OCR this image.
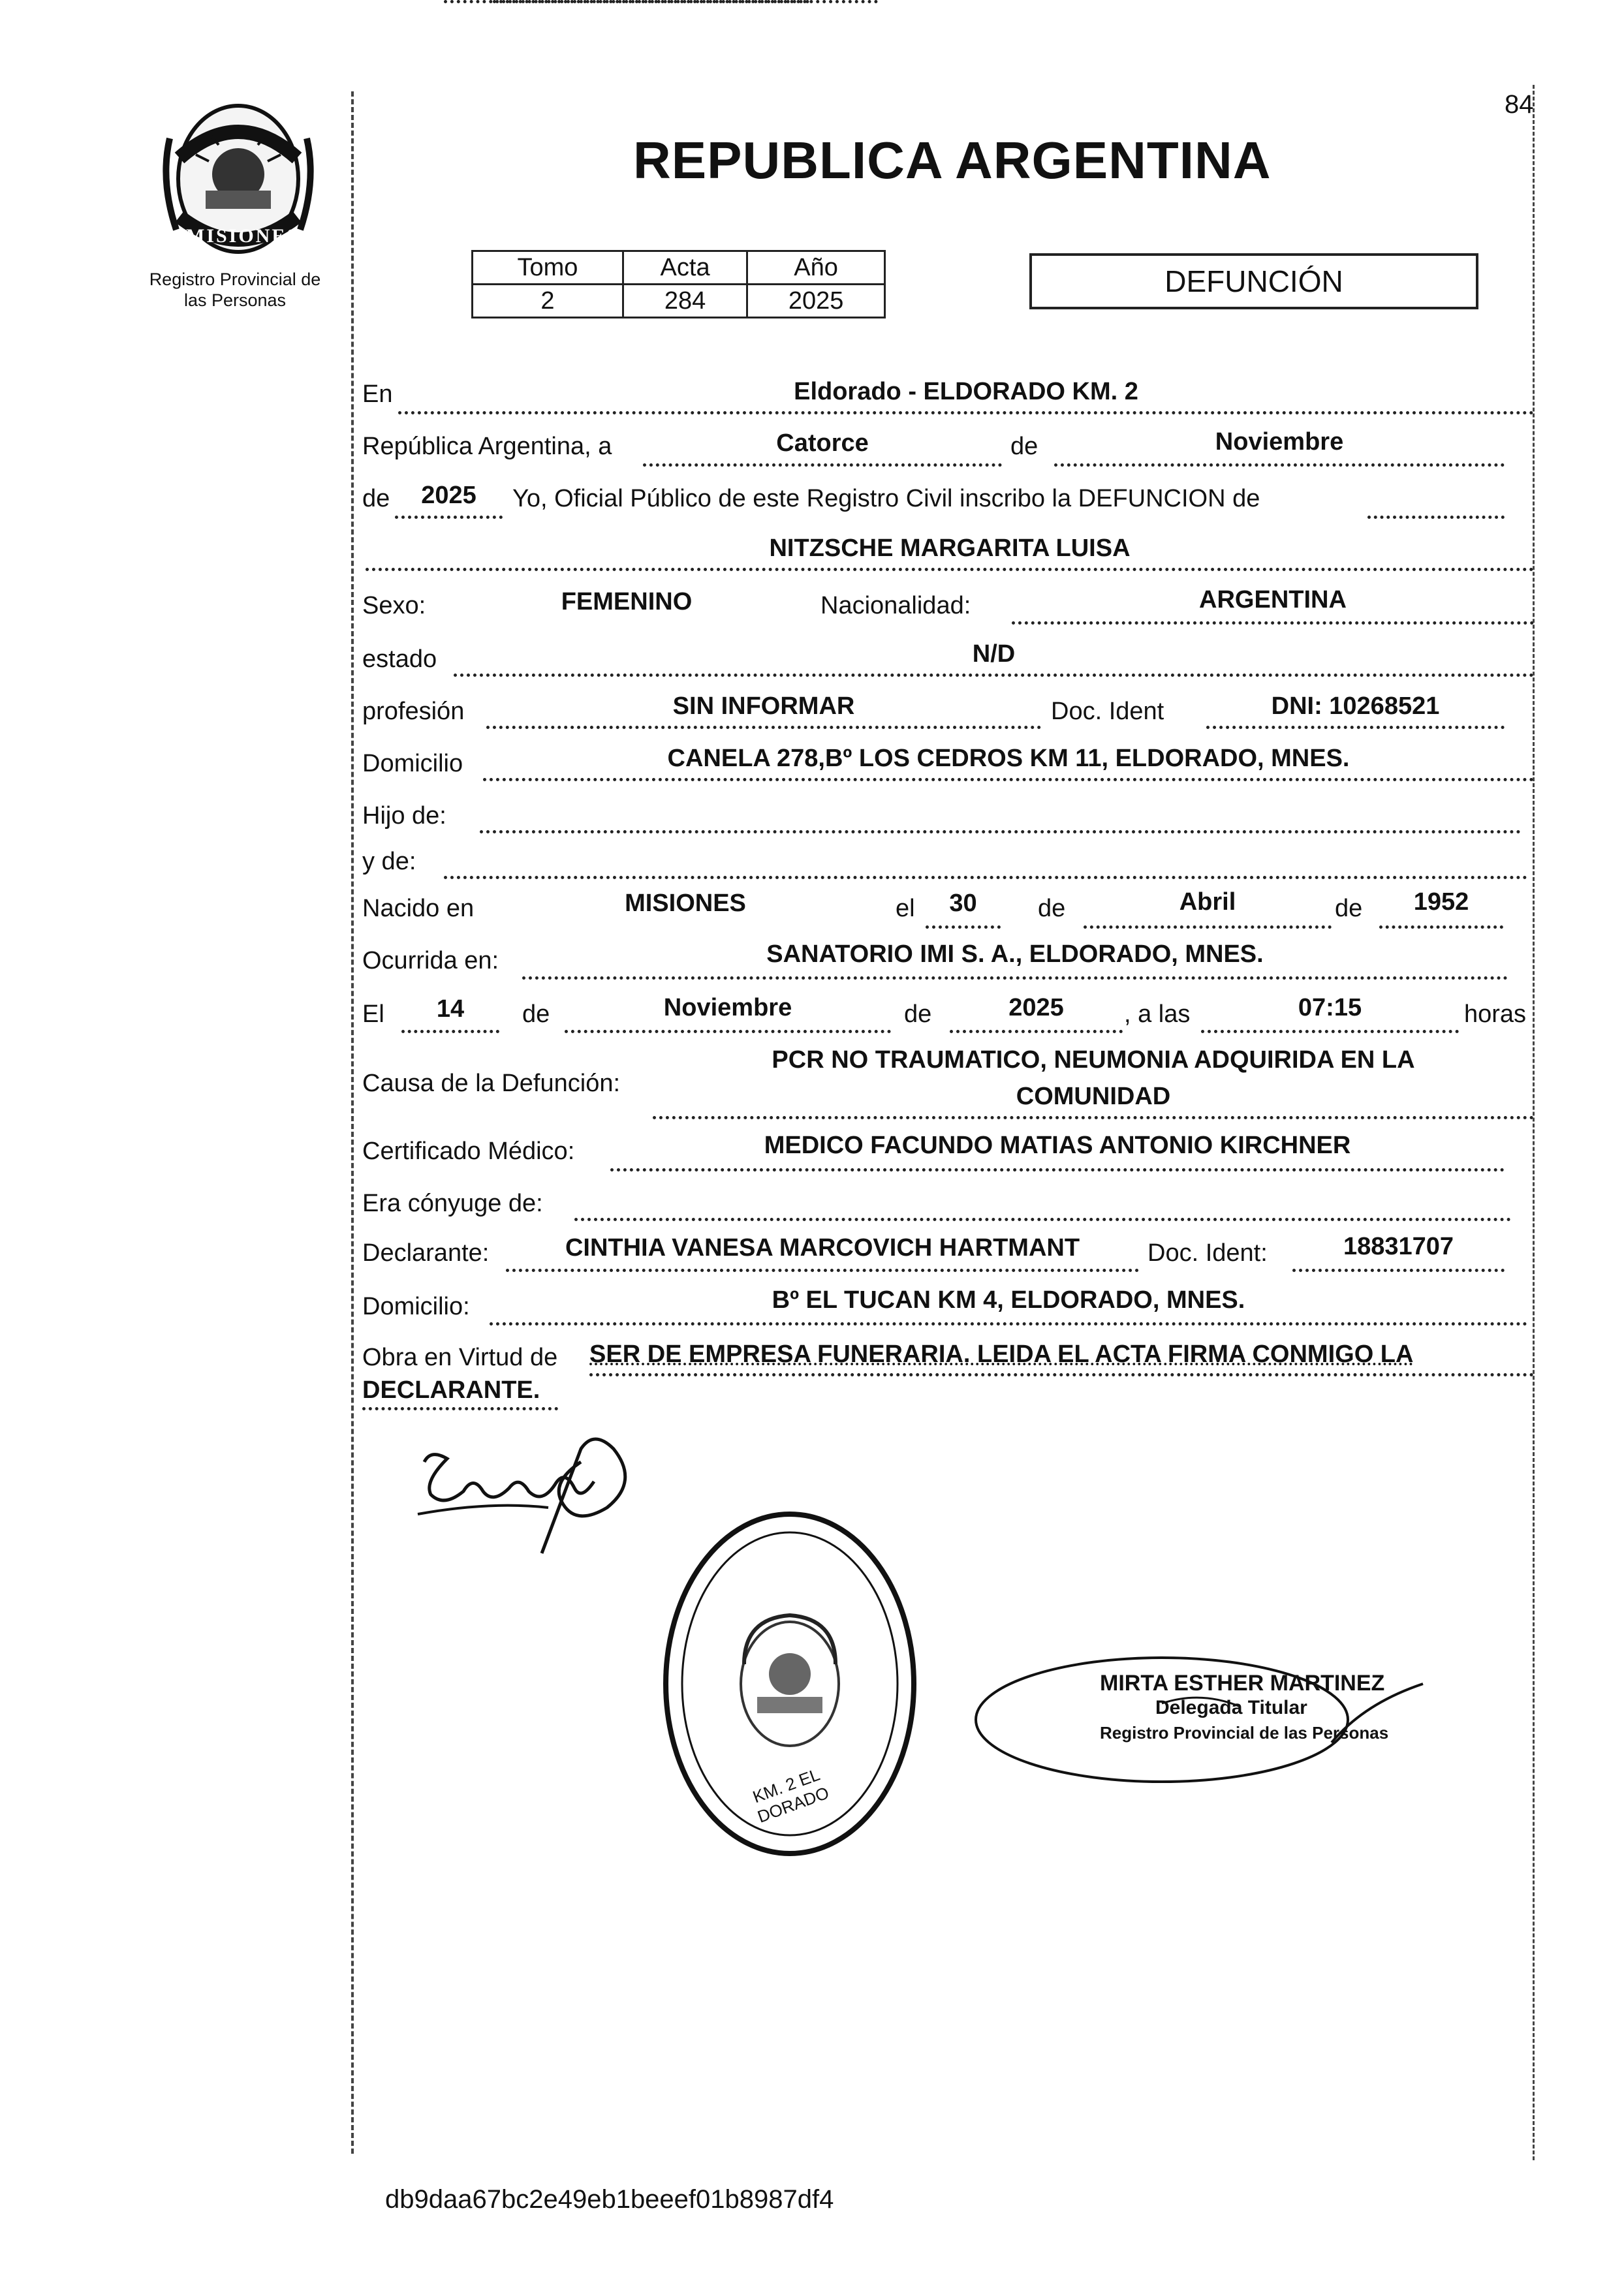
84
MISIONES
Registro Provincial de
las Personas
REPUBLICA ARGENTINA
Tomo	Acta	Año
2	284	2025
DEFUNCIÓN
En	Eldorado - ELDORADO KM. 2
República Argentina, a	Catorce	de	Noviembre
de	2025	Yo, Oficial Público de este Registro Civil inscribo la DEFUNCION de
NITZSCHE MARGARITA LUISA
Sexo:	FEMENINO	Nacionalidad:	ARGENTINA
estado	N/D
profesión	SIN INFORMAR	Doc. Ident	DNI: 10268521
Domicilio	CANELA 278,Bº LOS CEDROS KM 11, ELDORADO, MNES.
Hijo de:
y de:
Nacido en	MISIONES	el	30	de	Abril	de	1952
Ocurrida en:	SANATORIO IMI S. A., ELDORADO, MNES.
El	14	de	Noviembre	de	2025	, a las	07:15	horas
Causa de la Defunción:
PCR NO TRAUMATICO, NEUMONIA ADQUIRIDA EN LA
COMUNIDAD
Certificado Médico:	MEDICO FACUNDO MATIAS ANTONIO KIRCHNER
Era cónyuge de:
Declarante:	CINTHIA VANESA MARCOVICH HARTMANT	Doc. Ident:	18831707
Domicilio:	Bº EL TUCAN KM 4, ELDORADO, MNES.
Obra en Virtud de SER DE EMPRESA FUNERARIA. LEIDA EL ACTA FIRMA CONMIGO LA
DECLARANTE.
KM. 2 EL DORADO
MIRTA ESTHER MARTINEZ
Delegada Titular
Registro Provincial de las Personas
db9daa67bc2e49eb1beeef01b8987df4
